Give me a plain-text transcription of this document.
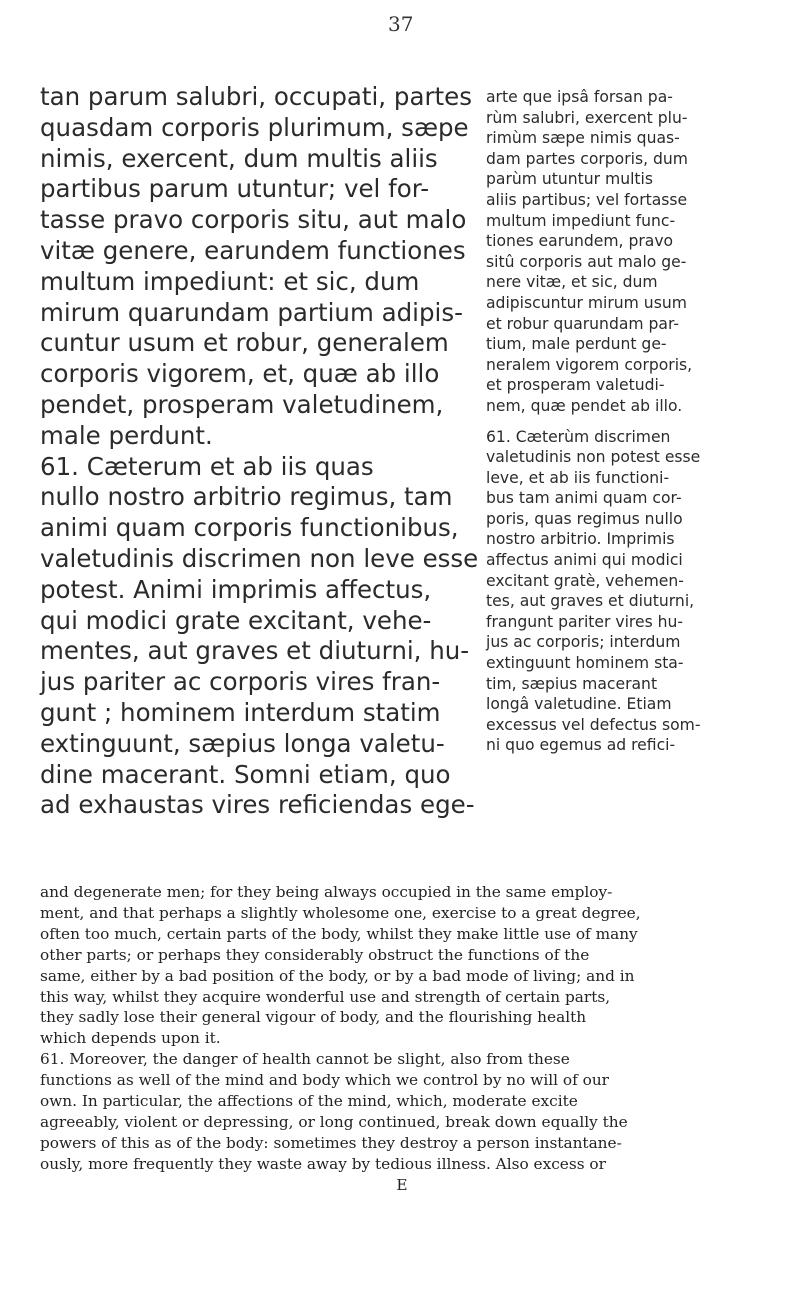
37
tan parum salubri, occupati, partes
quasdam corporis plurimum, sæpe
nimis, exercent, dum multis aliis
partibus parum utuntur; vel for-
tasse pravo corporis situ, aut malo
vitæ genere, earundem functiones
multum impediunt: et sic, dum
mirum quarundam partium adipis-
cuntur usum et robur, generalem
corporis vigorem, et, quæ ab illo
pendet, prosperam valetudinem,
male perdunt.
61. Cæterum et ab iis quas
nullo nostro arbitrio regimus, tam
animi quam corporis functionibus,
valetudinis discrimen non leve esse
potest. Animi imprimis affectus,
qui modici grate excitant, vehe-
mentes, aut graves et diuturni, hu-
jus pariter ac corporis vires fran-
gunt ; hominem interdum statim
extinguunt, sæpius longa valetu-
dine macerant. Somni etiam, quo
ad exhaustas vires reficiendas ege-
arte que ipsâ forsan pa-
rùm salubri, exercent plu-
rimùm sæpe nimis quas-
dam partes corporis, dum
parùm utuntur multis
aliis partibus; vel fortasse
multum impediunt func-
tiones earundem, pravo
sitû corporis aut malo ge-
nere vitæ, et sic, dum
adipiscuntur mirum usum
et robur quarundam par-
tium, male perdunt ge-
neralem vigorem corporis,
et prosperam valetudi-
nem, quæ pendet ab illo.
61. Cæterùm discrimen
valetudinis non potest esse
leve, et ab iis functioni-
bus tam animi quam cor-
poris, quas regimus nullo
nostro arbitrio. Imprimis
affectus animi qui modici
excitant gratè, vehemen-
tes, aut graves et diuturni,
frangunt pariter vires hu-
jus ac corporis; interdum
extinguunt hominem sta-
tim, sæpius macerant
longâ valetudine. Etiam
excessus vel defectus som-
ni quo egemus ad refici-
and degenerate men; for they being always occupied in the same employ-
ment, and that perhaps a slightly wholesome one, exercise to a great degree,
often too much, certain parts of the body, whilst they make little use of many
other parts; or perhaps they considerably obstruct the functions of the
same, either by a bad position of the body, or by a bad mode of living; and in
this way, whilst they acquire wonderful use and strength of certain parts,
they sadly lose their general vigour of body, and the flourishing health
which depends upon it.
61. Moreover, the danger of health cannot be slight, also from these
functions as well of the mind and body which we control by no will of our
own. In particular, the affections of the mind, which, moderate excite
agreeably, violent or depressing, or long continued, break down equally the
powers of this as of the body: sometimes they destroy a person instantane-
ously, more frequently they waste away by tedious illness. Also excess or
E
